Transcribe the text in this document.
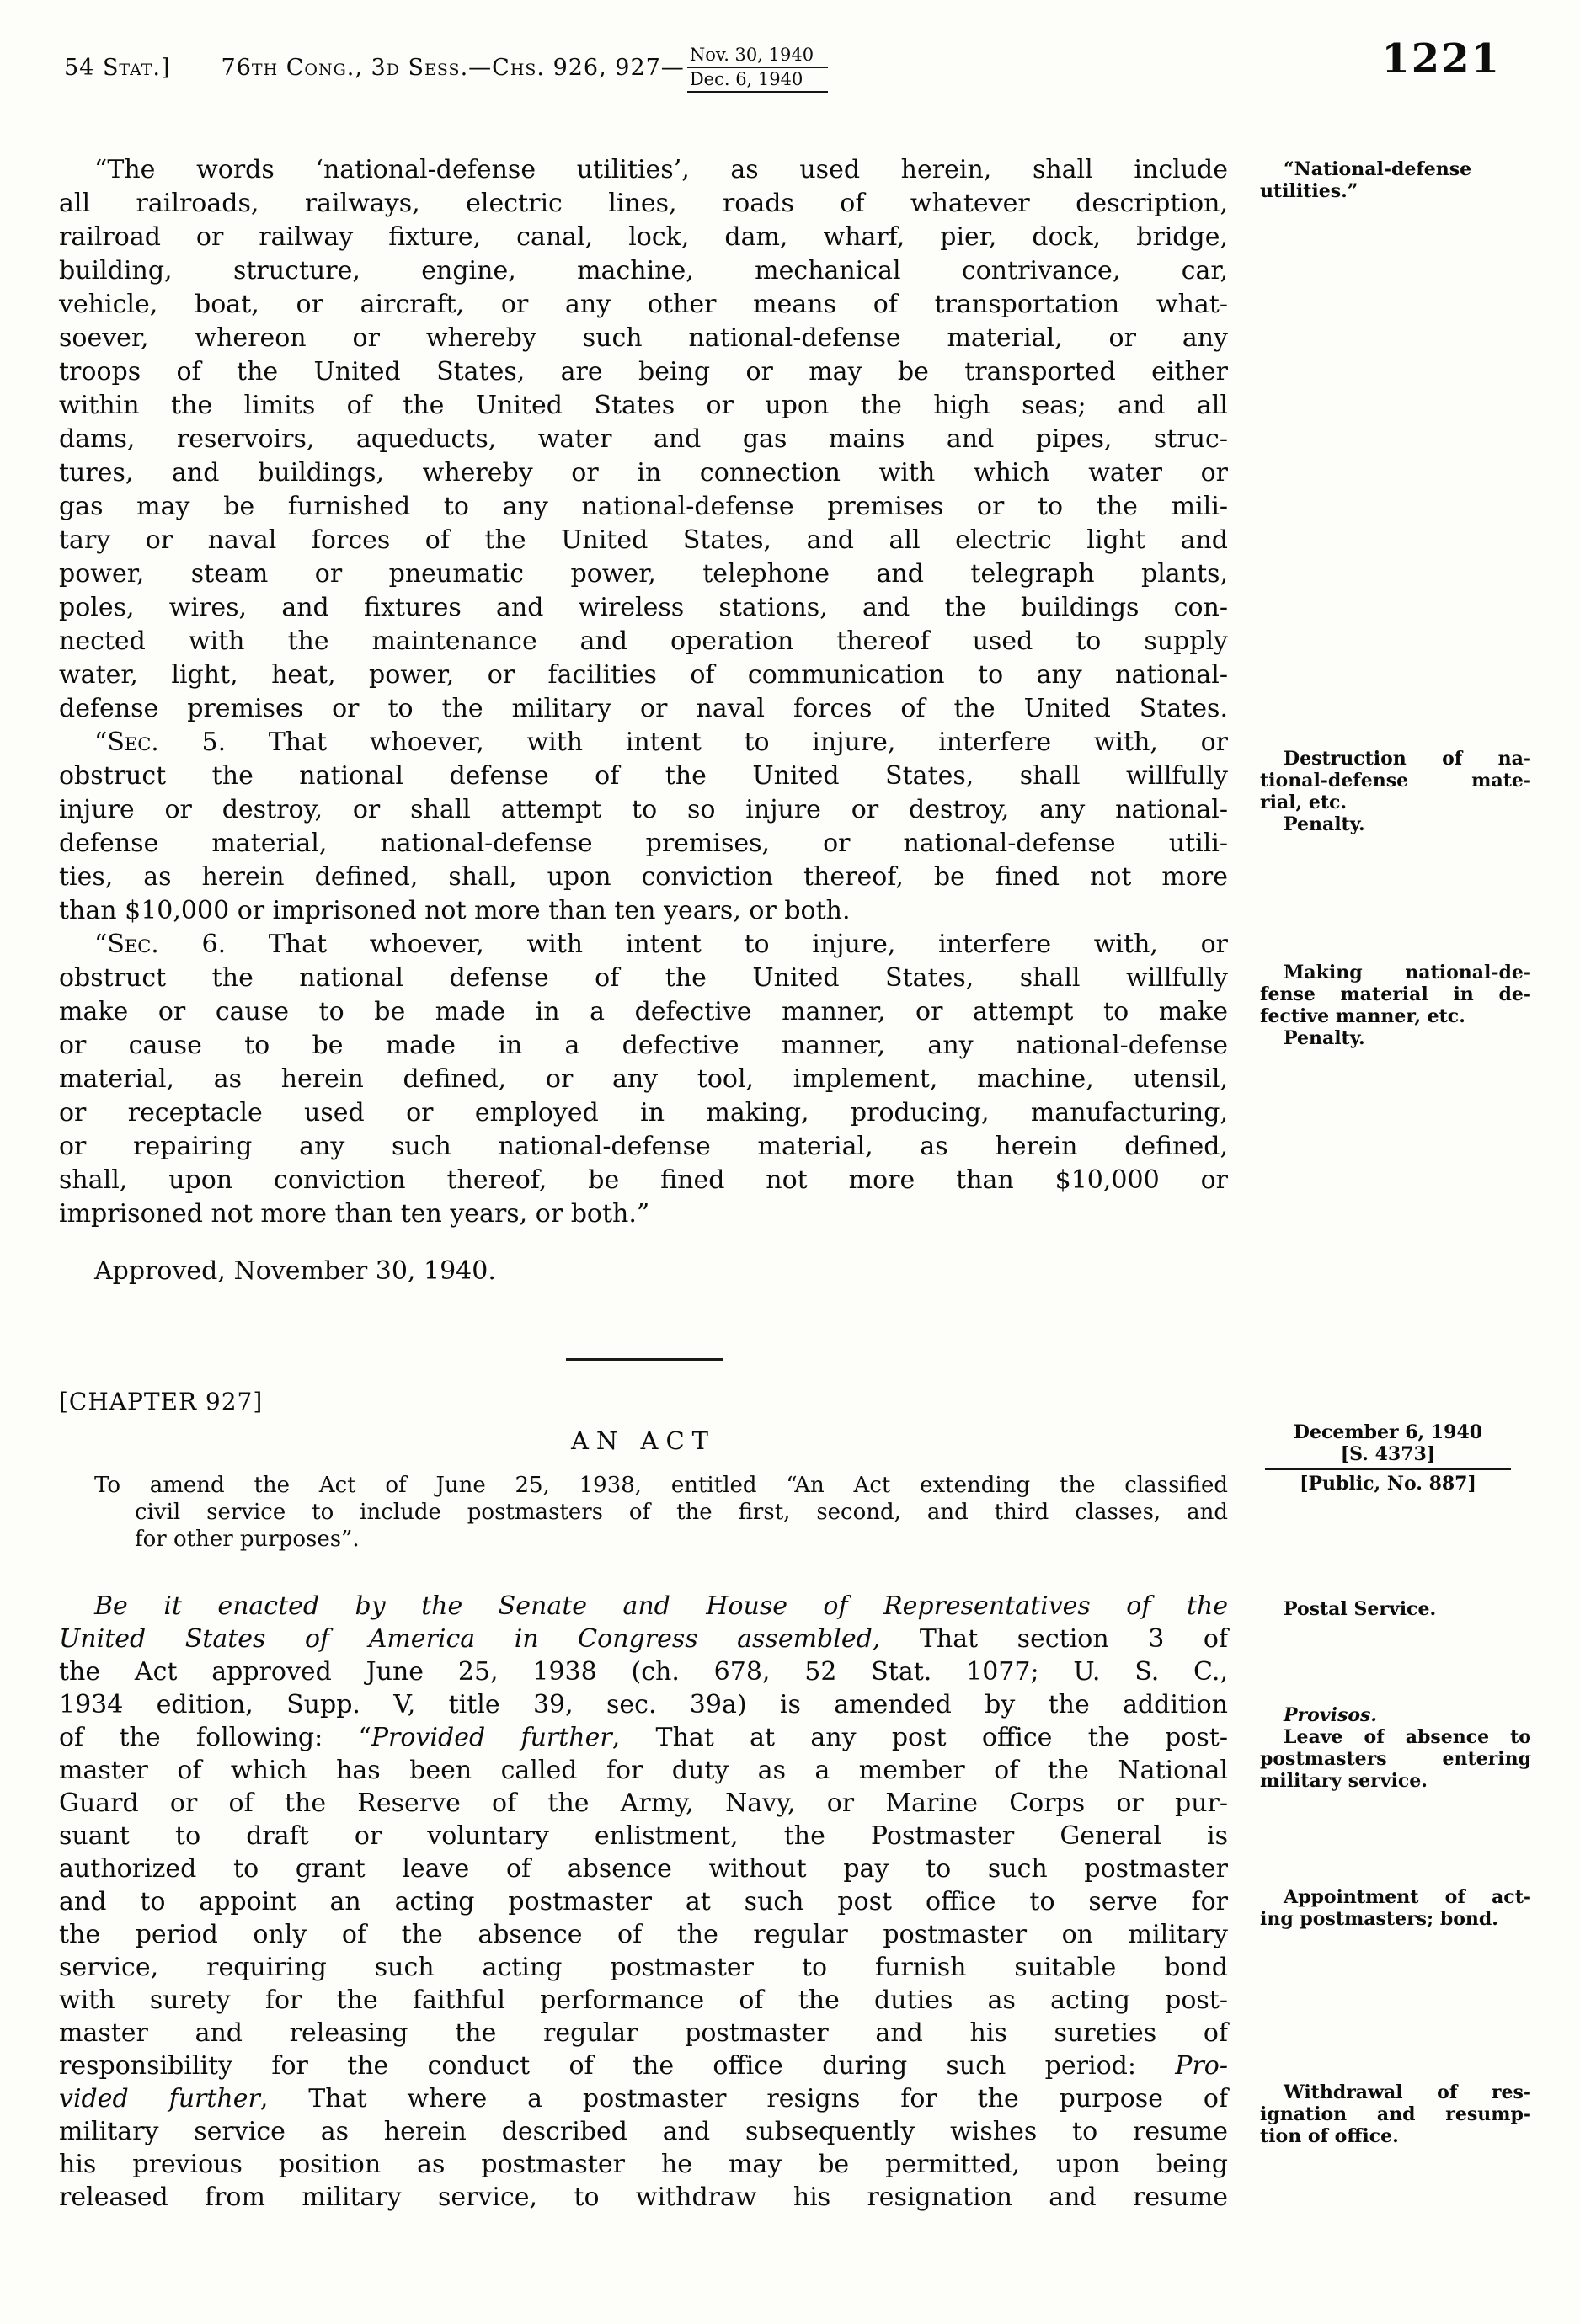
54 Stat.] 76th Cong., 3d Sess.—Chs. 926, 927— Nov. 30, 1940
Dec. 6, 1940	1221
“The words ‘national-defense utilities’, as used herein, shall include
all railroads, railways, electric lines, roads of whatever description,
railroad or railway fixture, canal, lock, dam, wharf, pier, dock, bridge,
building, structure, engine, machine, mechanical contrivance, car,
vehicle, boat, or aircraft, or any other means of transportation what-
soever, whereon or whereby such national-defense material, or any
troops of the United States, are being or may be transported either
within the limits of the United States or upon the high seas; and all
dams, reservoirs, aqueducts, water and gas mains and pipes, struc-
tures, and buildings, whereby or in connection with which water or
gas may be furnished to any national-defense premises or to the mili-
tary or naval forces of the United States, and all electric light and
power, steam or pneumatic power, telephone and telegraph plants,
poles, wires, and fixtures and wireless stations, and the buildings con-
nected with the maintenance and operation thereof used to supply
water, light, heat, power, or facilities of communication to any national-
defense premises or to the military or naval forces of the United States.
“Sec. 5. That whoever, with intent to injure, interfere with, or
obstruct the national defense of the United States, shall willfully
injure or destroy, or shall attempt to so injure or destroy, any national-
defense material, national-defense premises, or national-defense utili-
ties, as herein defined, shall, upon conviction thereof, be fined not more
than $10,000 or imprisoned not more than ten years, or both.
“Sec. 6. That whoever, with intent to injure, interfere with, or
obstruct the national defense of the United States, shall willfully
make or cause to be made in a defective manner, or attempt to make
or cause to be made in a defective manner, any national-defense
material, as herein defined, or any tool, implement, machine, utensil,
or receptacle used or employed in making, producing, manufacturing,
or repairing any such national-defense material, as herein defined,
shall, upon conviction thereof, be fined not more than $10,000 or
imprisoned not more than ten years, or both.”
Approved, November 30, 1940.
[CHAPTER 927]
AN ACT
To amend the Act of June 25, 1938, entitled “An Act extending the classified
civil service to include postmasters of the first, second, and third classes, and
for other purposes”.
Be it enacted by the Senate and House of Representatives of the
United States of America in Congress assembled, That section 3 of
the Act approved June 25, 1938 (ch. 678, 52 Stat. 1077; U. S. C.,
1934 edition, Supp. V, title 39, sec. 39a) is amended by the addition
of the following: “Provided further, That at any post office the post-
master of which has been called for duty as a member of the National
Guard or of the Reserve of the Army, Navy, or Marine Corps or pur-
suant to draft or voluntary enlistment, the Postmaster General is
authorized to grant leave of absence without pay to such postmaster
and to appoint an acting postmaster at such post office to serve for
the period only of the absence of the regular postmaster on military
service, requiring such acting postmaster to furnish suitable bond
with surety for the faithful performance of the duties as acting post-
master and releasing the regular postmaster and his sureties of
responsibility for the conduct of the office during such period: Pro-
vided further, That where a postmaster resigns for the purpose of
military service as herein described and subsequently wishes to resume
his previous position as postmaster he may be permitted, upon being
released from military service, to withdraw his resignation and resume
“National-defense
utilities.”
Destruction of na-
tional-defense mate-
rial, etc.
Penalty.
Making national-de-
fense material in de-
fective manner, etc.
Penalty.
December 6, 1940
[S. 4373]
[Public, No. 887]
Postal Service.
Provisos.
Leave of absence to
postmasters entering
military service.
Appointment of act-
ing postmasters; bond.
Withdrawal of res-
ignation and resump-
tion of office.
